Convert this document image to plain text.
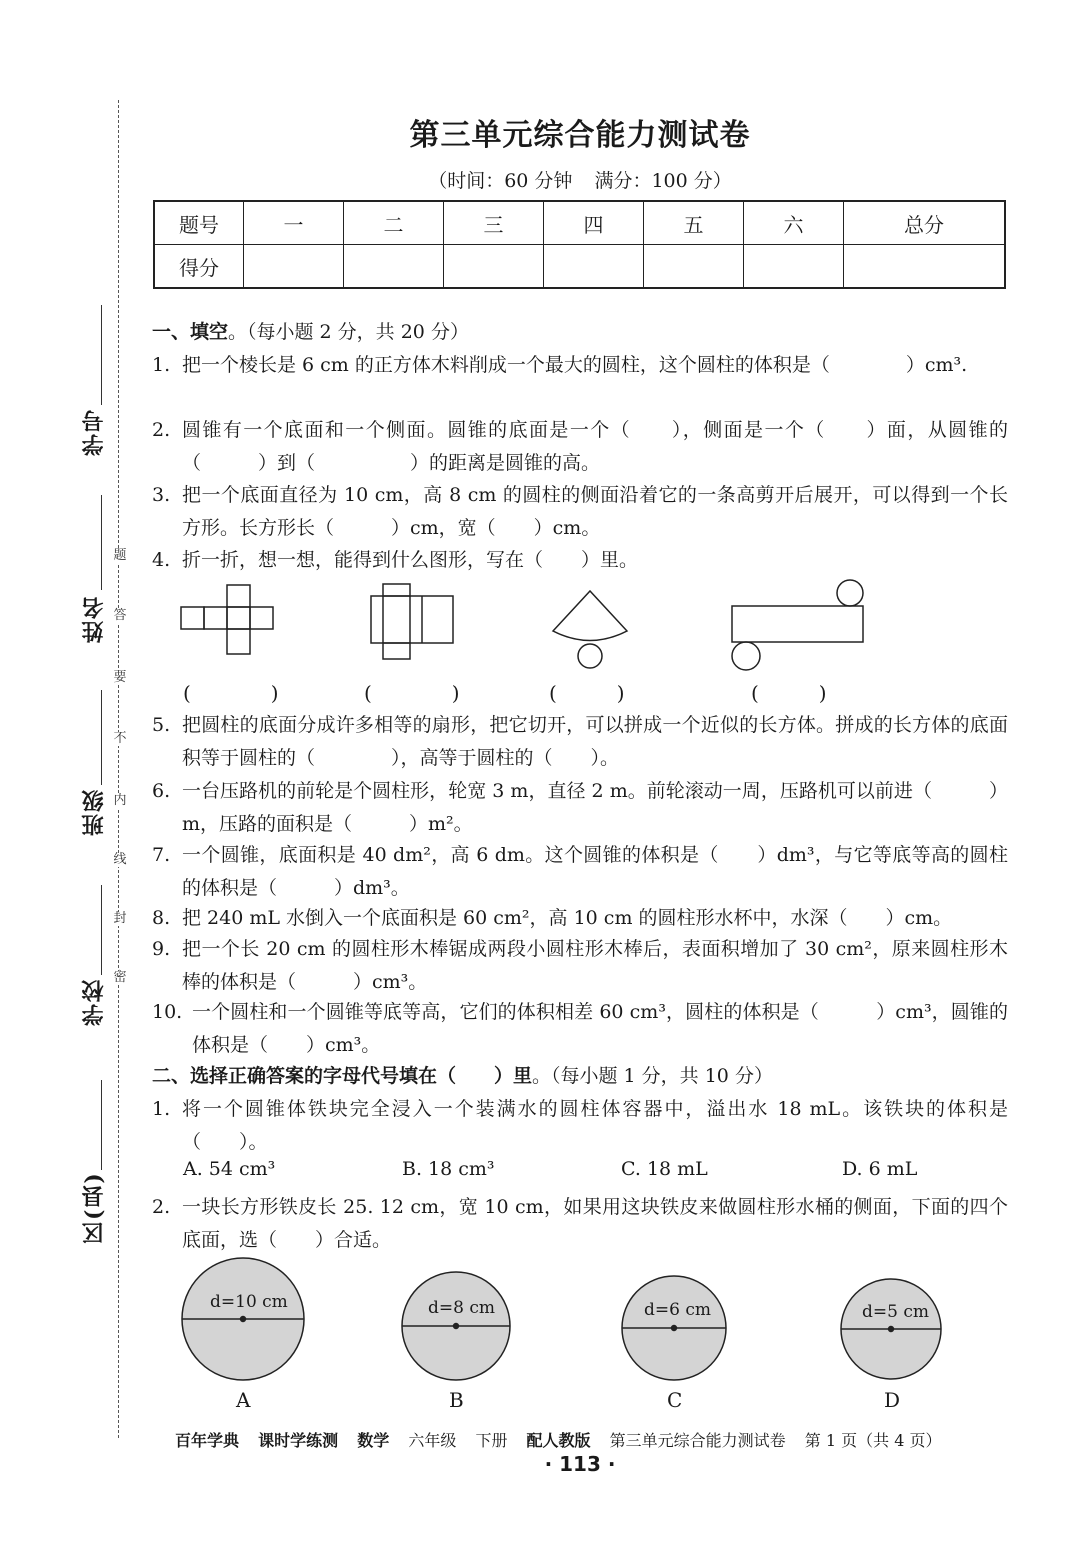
学号
姓名
班级
学校
区(县)
题
答
要
不
内
线
封
密
第三单元综合能力测试卷
（时间：60 分钟 满分：100 分）
题号	一	二	三	四	五	六	总分
得分							
一、填空。（每小题 2 分，共 20 分）
1. 把一个棱长是 6 cm 的正方体木料削成一个最大的圆柱，这个圆柱的体积是（　　　　）cm³.
2. 圆锥有一个底面和一个侧面。圆锥的底面是一个（　　），侧面是一个（　　）面，从圆锥的（　　　）到（　　　　　）的距离是圆锥的高。
3. 把一个底面直径为 10 cm，高 8 cm 的圆柱的侧面沿着它的一条高剪开后展开，可以得到一个长方形。长方形长（　　　）cm，宽（　　）cm。
4. 折一折，想一想，能得到什么图形，写在（　　）里。
(　　　　)	(　　　　)	(　　　)	(　　　)
5. 把圆柱的底面分成许多相等的扇形，把它切开，可以拼成一个近似的长方体。拼成的长方体的底面积等于圆柱的（　　　　），高等于圆柱的（　　）。
6. 一台压路机的前轮是个圆柱形，轮宽 3 m，直径 2 m。前轮滚动一周，压路机可以前进（　　　）m，压路的面积是（　　　）m²。
7. 一个圆锥，底面积是 40 dm²，高 6 dm。这个圆锥的体积是（　　）dm³，与它等底等高的圆柱的体积是（　　　）dm³。
8. 把 240 mL 水倒入一个底面积是 60 cm²，高 10 cm 的圆柱形水杯中，水深（　　）cm。
9. 把一个长 20 cm 的圆柱形木棒锯成两段小圆柱形木棒后，表面积增加了 30 cm²，原来圆柱形木棒的体积是（　　　）cm³。
10. 一个圆柱和一个圆锥等底等高，它们的体积相差 60 cm³，圆柱的体积是（　　　）cm³，圆锥的体积是（　　）cm³。
二、选择正确答案的字母代号填在（　　）里。（每小题 1 分，共 10 分）
1. 将一个圆锥体铁块完全浸入一个装满水的圆柱体容器中，溢出水 18 mL。该铁块的体积是（　　）。
A. 54 cm³	B. 18 cm³	C. 18 mL	D. 6 mL
2. 一块长方形铁皮长 25. 12 cm，宽 10 cm，如果用这块铁皮来做圆柱形水桶的侧面，下面的四个底面，选（　　）合适。
d=10 cm	d=8 cm	d=6 cm	d=5 cm
A	B	C	D
百年学典 课时学练测 数学 六年级 下册 配人教版 第三单元综合能力测试卷 第 1 页（共 4 页）
· 113 ·
